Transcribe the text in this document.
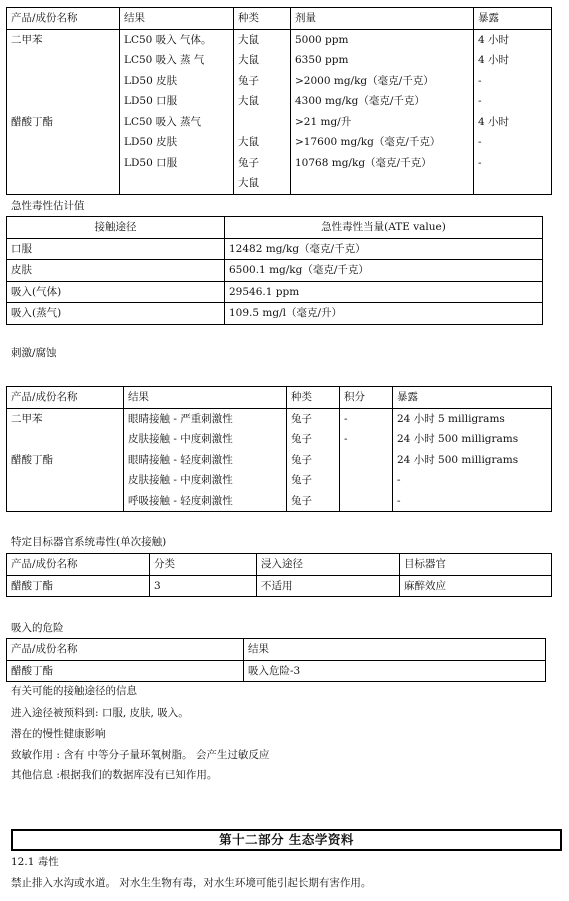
产品/成份名称	结果	种类	剂量	暴露
二甲苯	LC50 吸入 气体。	大鼠	5000 ppm	4 小时
	LC50 吸入 蒸 气	大鼠	6350 ppm	4 小时
	LD50 皮肤	兔子	>2000 mg/kg（毫克/千克）	-
	LD50 口服	大鼠	4300 mg/kg（毫克/千克）	-
醋酸丁酯	LC50 吸入 蒸气		>21 mg/升	4 小时
	LD50 皮肤	大鼠	>17600 mg/kg（毫克/千克）	-
	LD50 口服	兔子	10768 mg/kg（毫克/千克）	-
		大鼠		
急性毒性估计值
接触途径	急性毒性当量(ATE value)
口服	12482 mg/kg（毫克/千克）
皮肤	6500.1 mg/kg（毫克/千克）
吸入(气体)	29546.1 ppm
吸入(蒸气)	109.5 mg/l（毫克/升）
刺激/腐蚀
产品/成份名称	结果	种类	积分	暴露
二甲苯	眼睛接触 - 严重刺激性	兔子	-	24 小时 5 milligrams
	皮肤接触 - 中度刺激性	兔子	-	24 小时 500 milligrams
醋酸丁酯	眼睛接触 - 轻度刺激性	兔子		24 小时 500 milligrams
	皮肤接触 - 中度刺激性	兔子		-
	呼吸接触 - 轻度刺激性	兔子		-
特定目标器官系统毒性(单次接触)
产品/成份名称	分类	浸入途径	目标器官
醋酸丁酯	3	不适用	麻醉效应
吸入的危险
产品/成份名称	结果
醋酸丁酯	吸入危险-3
有关可能的接触途径的信息
进入途径被预料到: 口服, 皮肤, 吸入。
潜在的慢性健康影响
致敏作用 : 含有 中等分子量环氧树脂。 会产生过敏反应
其他信息 :根据我们的数据库没有已知作用。
第十二部分 生态学资料
12.1 毒性
禁止排入水沟或水道。 对水生生物有毒，对水生环境可能引起长期有害作用。
